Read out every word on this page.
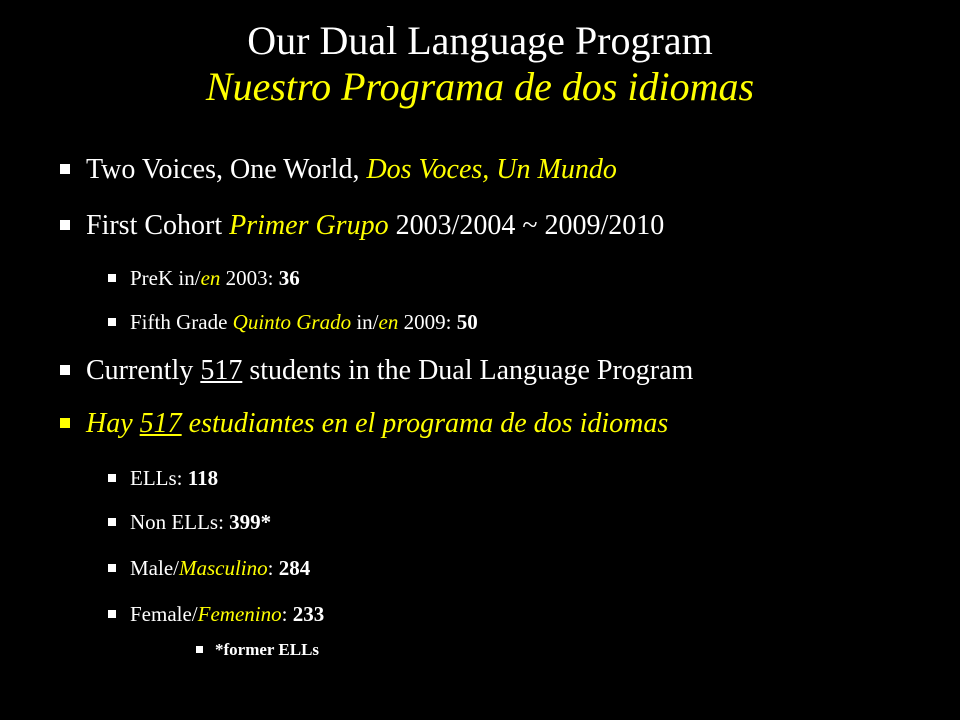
Our Dual Language Program
Nuestro Programa de dos idiomas
Two Voices, One World, Dos Voces, Un Mundo
First Cohort Primer Grupo 2003/2004 ~ 2009/2010
PreK in/en 2003: 36
Fifth Grade Quinto Grado in/en 2009: 50
Currently 517 students in the Dual Language Program
Hay 517 estudiantes en el programa de dos idiomas
ELLs: 118
Non ELLs: 399*
Male/Masculino: 284
Female/Femenino: 233
*former ELLs
